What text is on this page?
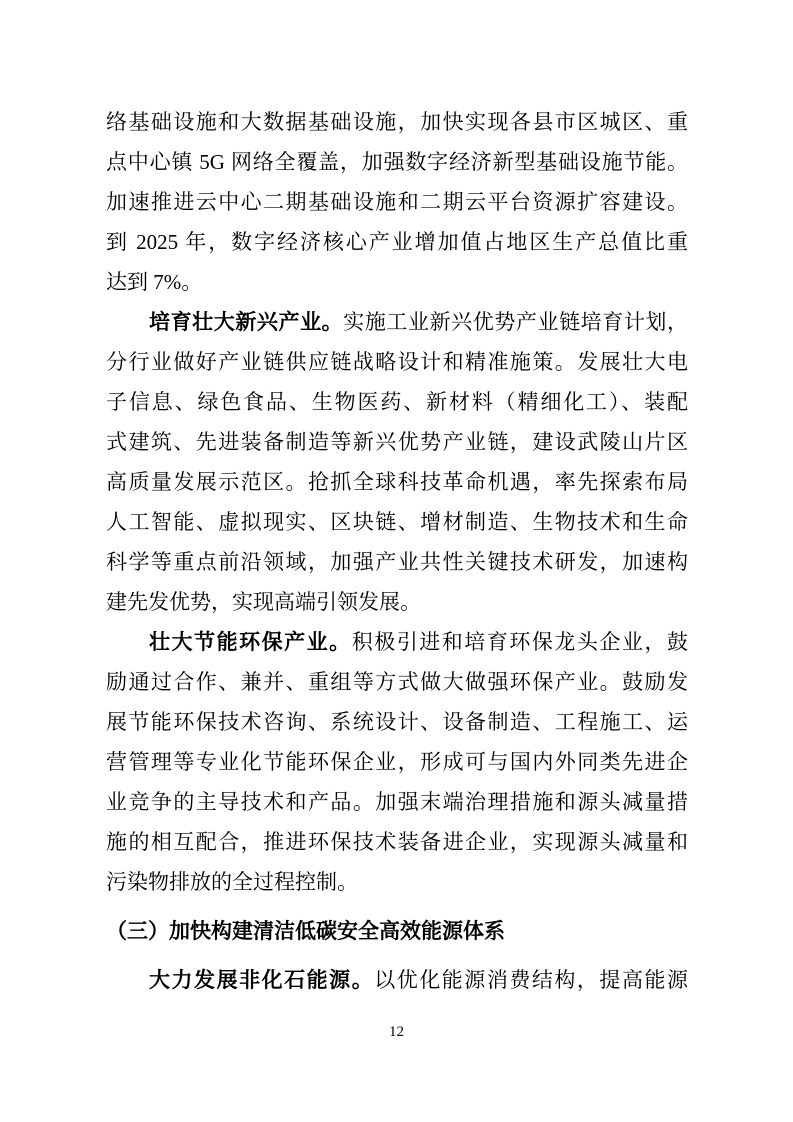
络基础设施和大数据基础设施，加快实现各县市区城区、重
点中心镇 5G 网络全覆盖，加强数字经济新型基础设施节能。
加速推进云中心二期基础设施和二期云平台资源扩容建设。
到 2025 年，数字经济核心产业增加值占地区生产总值比重
达到 7%。
培育壮大新兴产业。实施工业新兴优势产业链培育计划，
分行业做好产业链供应链战略设计和精准施策。发展壮大电
子信息、绿色食品、生物医药、新材料（精细化工）、装配
式建筑、先进装备制造等新兴优势产业链，建设武陵山片区
高质量发展示范区。抢抓全球科技革命机遇，率先探索布局
人工智能、虚拟现实、区块链、增材制造、生物技术和生命
科学等重点前沿领域，加强产业共性关键技术研发，加速构
建先发优势，实现高端引领发展。
壮大节能环保产业。积极引进和培育环保龙头企业，鼓
励通过合作、兼并、重组等方式做大做强环保产业。鼓励发
展节能环保技术咨询、系统设计、设备制造、工程施工、运
营管理等专业化节能环保企业，形成可与国内外同类先进企
业竞争的主导技术和产品。加强末端治理措施和源头减量措
施的相互配合，推进环保技术装备进企业，实现源头减量和
污染物排放的全过程控制。
（三）加快构建清洁低碳安全高效能源体系
大力发展非化石能源。以优化能源消费结构，提高能源
12
